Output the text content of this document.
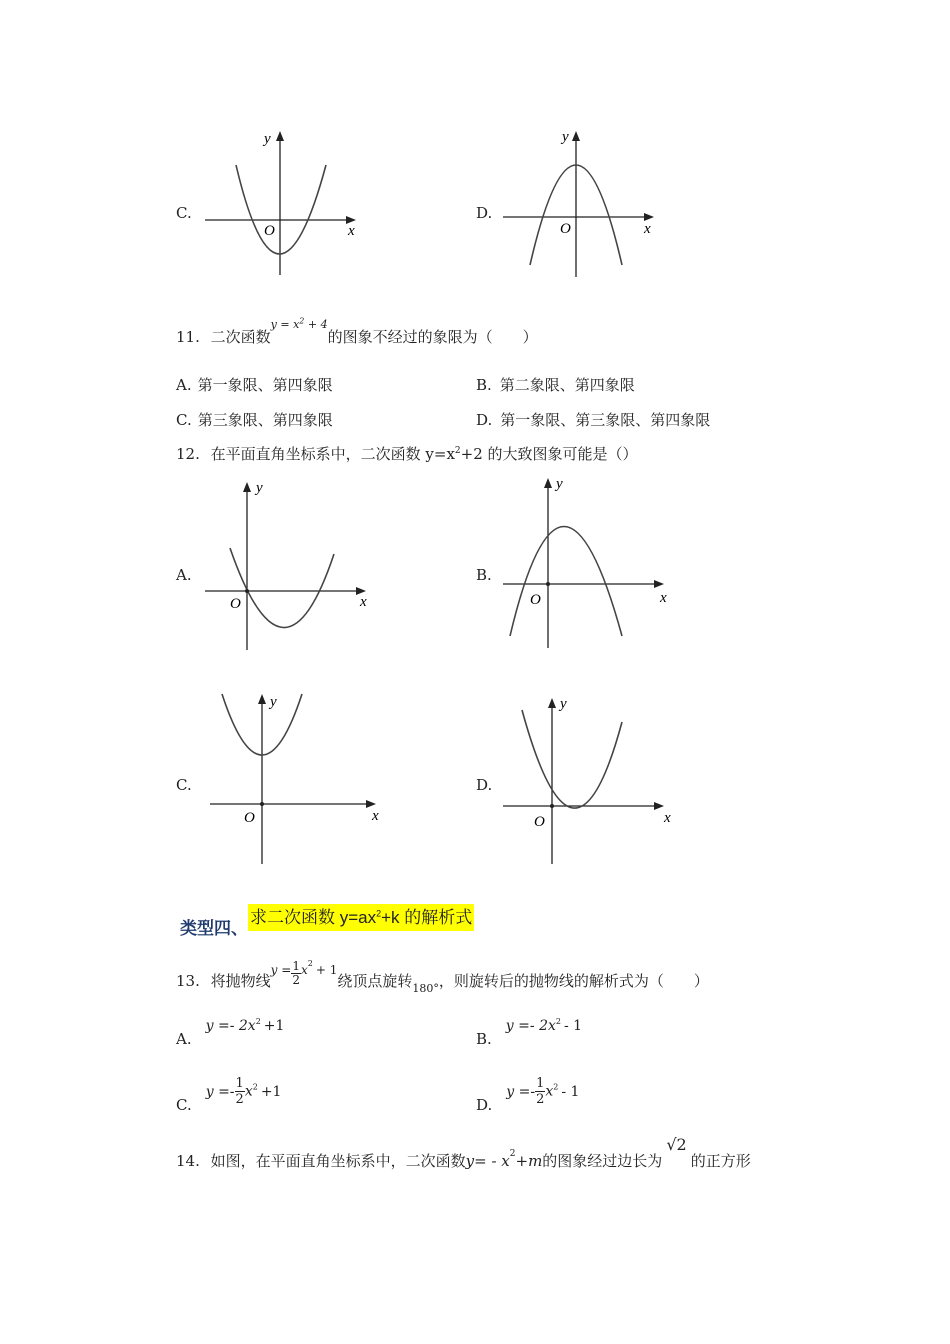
C.
y
x
O
D.
y
x
O
11. 二次函数$^{y = x^2 + 4}$的图象不经过的象限为（　　）
A. 第一象限、第四象限	B. 第二象限、第四象限
C. 第三象限、第四象限	D. 第一象限、第三象限、第四象限
12. 在平面直角坐标系中，二次函数 $y=x^2+2$ 的大致图象可能是（）
A.
y
x
O
B.
y
x
O
C.
y
x
O
D.
y
x
O
类型四、求二次函数 $y=ax^2+k$ 的解析式
13. 将抛物线$y = \frac{1}{2} x^2 + 1$绕顶点旋转$_{180^\circ}$，则旋转后的抛物线的解析式为（　　）
$A.y =- 2x^2 +1$
$B.y =- 2x^2 - 1$
$C.y =- \frac{1}{2} x^2 +1$
$D.y =- \frac{1}{2} x^2 - 1$
14. 如图，在平面直角坐标系中，二次函数$y= - x^2+m$的图象经过边长为√2的正方形
